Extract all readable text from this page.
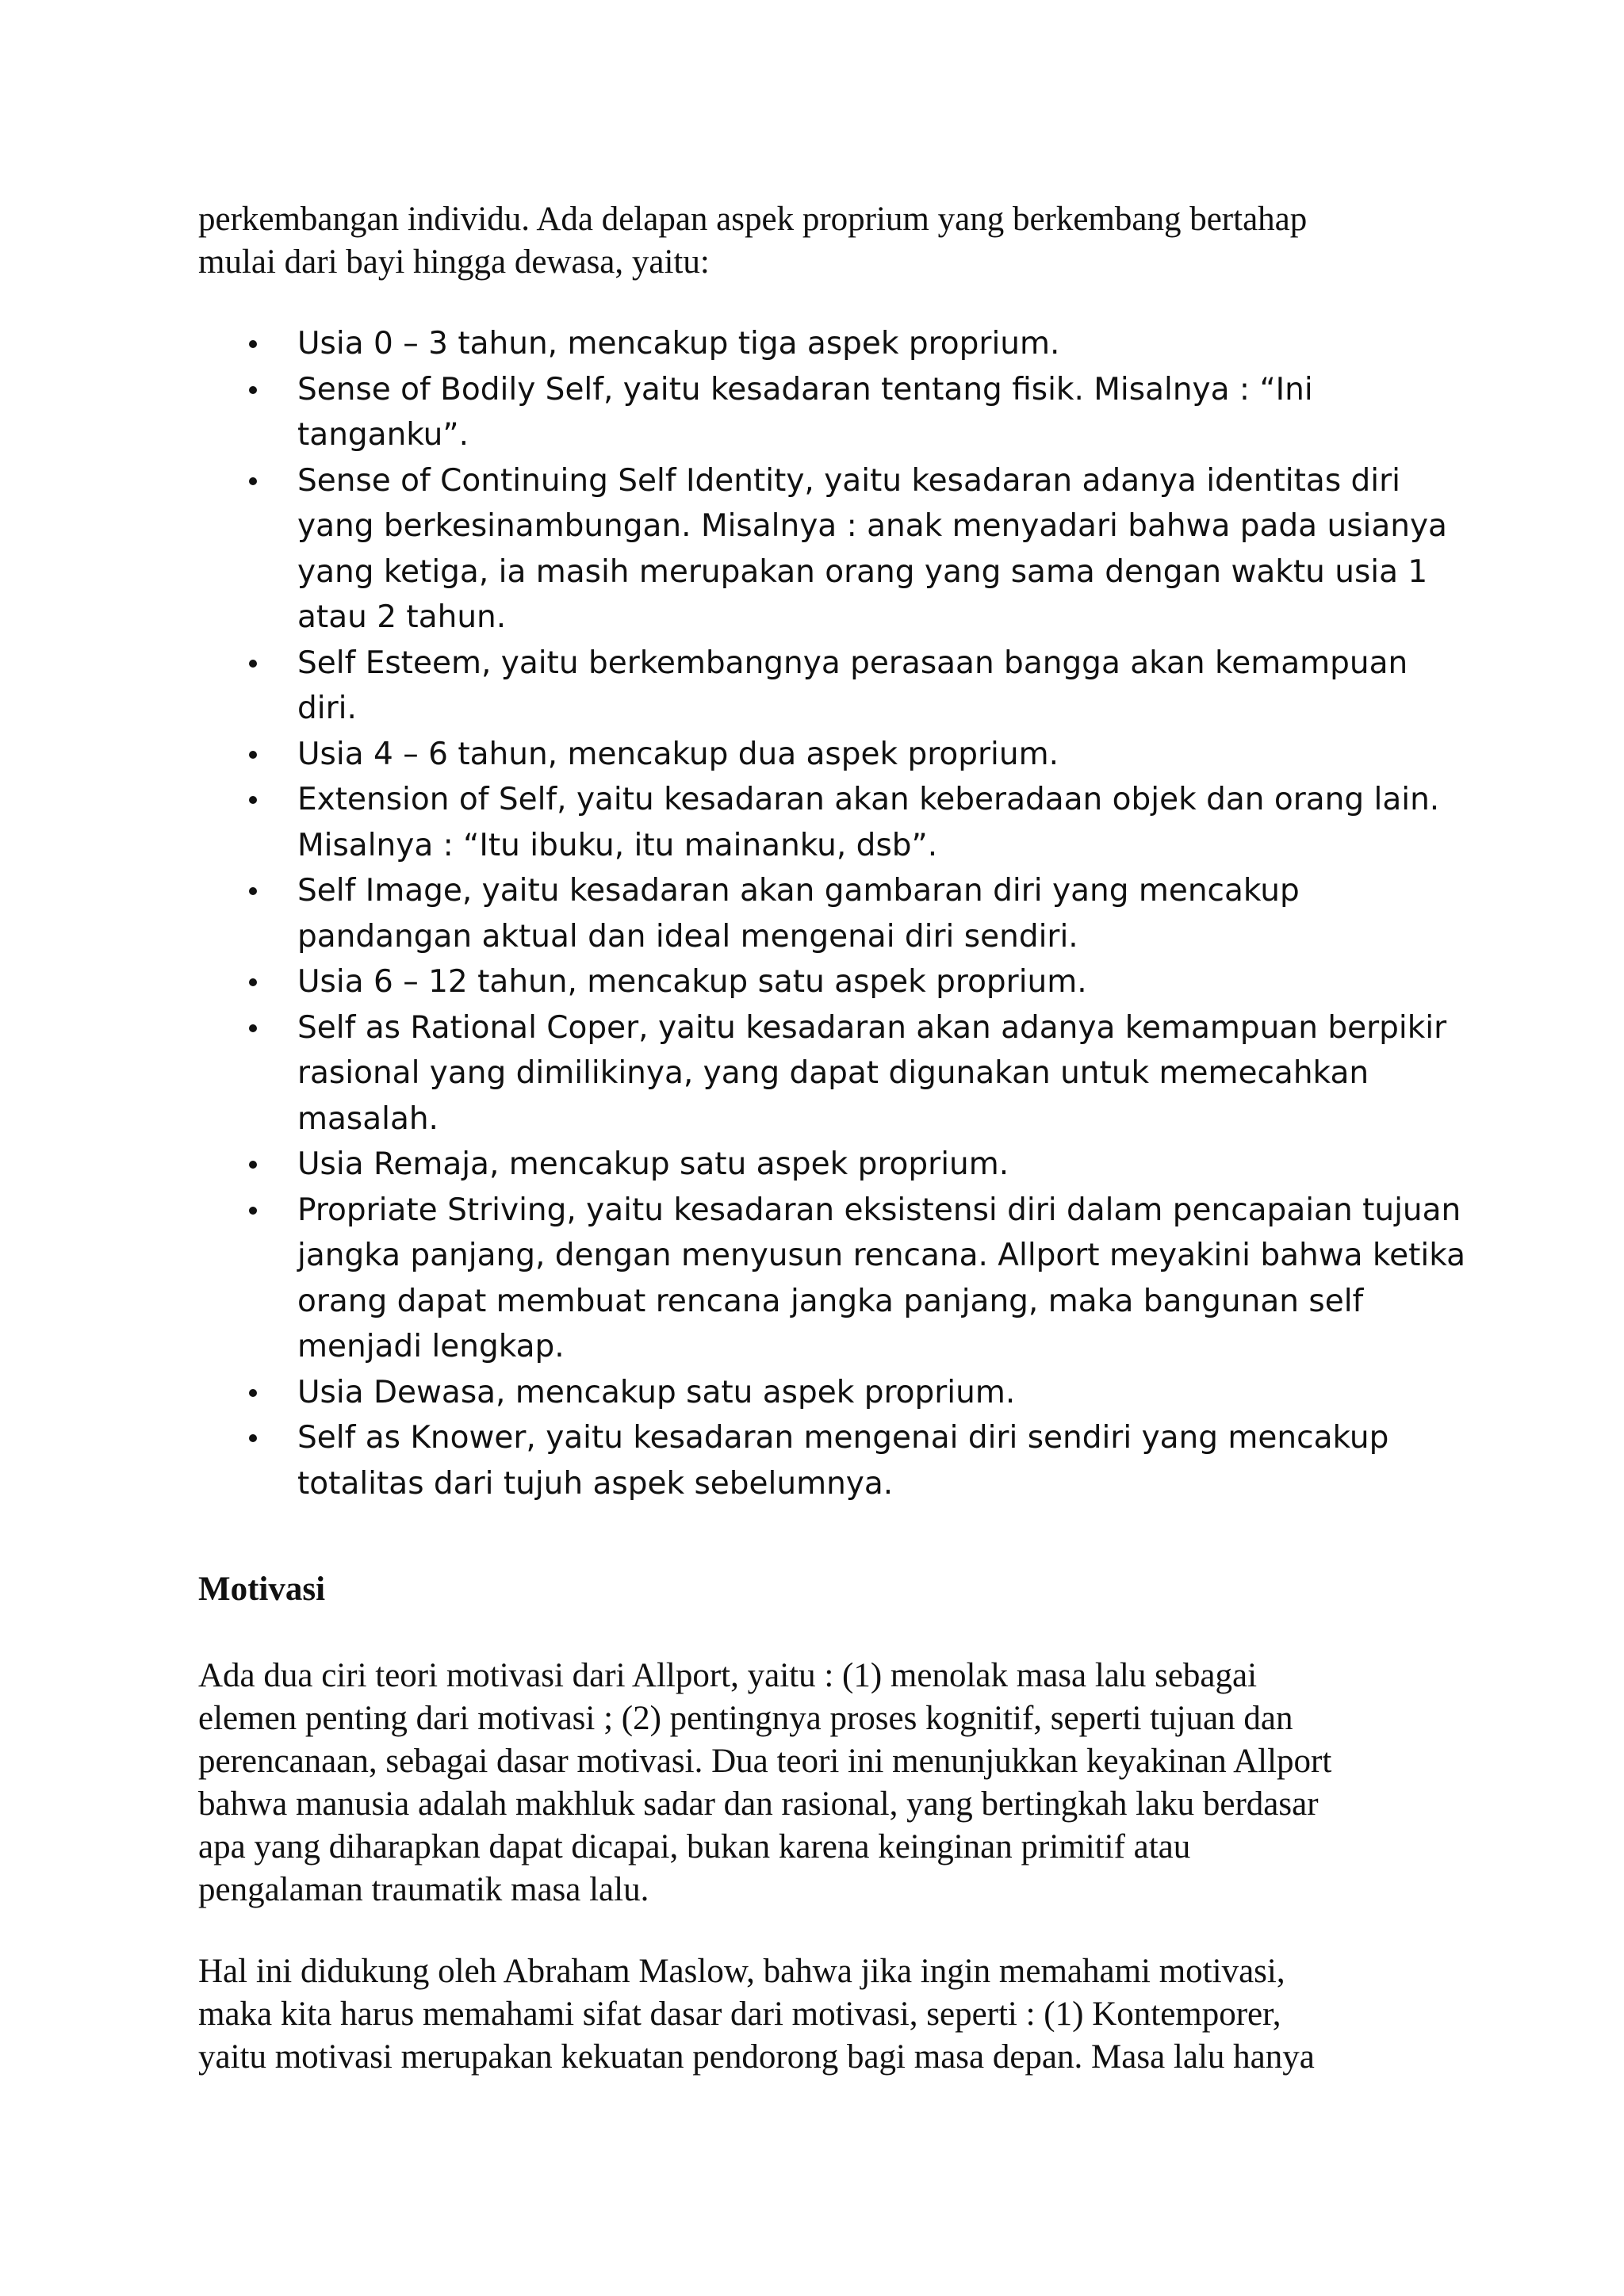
perkembangan individu. Ada delapan aspek proprium yang berkembang bertahap
mulai dari bayi hingga dewasa, yaitu:

Usia 0 – 3 tahun, mencakup tiga aspek proprium.
Sense of Bodily Self, yaitu kesadaran tentang fisik. Misalnya : “Ini tanganku”.
Sense of Continuing Self Identity, yaitu kesadaran adanya identitas diri yang berkesinambungan. Misalnya : anak menyadari bahwa pada usianya yang ketiga, ia masih merupakan orang yang sama dengan waktu usia 1 atau 2 tahun.
Self Esteem, yaitu berkembangnya perasaan bangga akan kemampuan diri.
Usia 4 – 6 tahun, mencakup dua aspek proprium.
Extension of Self, yaitu kesadaran akan keberadaan objek dan orang lain. Misalnya : “Itu ibuku, itu mainanku, dsb”.
Self Image, yaitu kesadaran akan gambaran diri yang mencakup pandangan aktual dan ideal mengenai diri sendiri.
Usia 6 – 12 tahun, mencakup satu aspek proprium.
Self as Rational Coper, yaitu kesadaran akan adanya kemampuan berpikir rasional yang dimilikinya, yang dapat digunakan untuk memecahkan masalah.
Usia Remaja, mencakup satu aspek proprium.
Propriate Striving, yaitu kesadaran eksistensi diri dalam pencapaian tujuan jangka panjang, dengan menyusun rencana. Allport meyakini bahwa ketika orang dapat membuat rencana jangka panjang, maka bangunan self menjadi lengkap.
Usia Dewasa, mencakup satu aspek proprium.
Self as Knower, yaitu kesadaran mengenai diri sendiri yang mencakup totalitas dari tujuh aspek sebelumnya.
Motivasi

Ada dua ciri teori motivasi dari Allport, yaitu : (1) menolak masa lalu sebagai
elemen penting dari motivasi ; (2) pentingnya proses kognitif, seperti tujuan dan
perencanaan, sebagai dasar motivasi. Dua teori ini menunjukkan keyakinan Allport
bahwa manusia adalah makhluk sadar dan rasional, yang bertingkah laku berdasar
apa yang diharapkan dapat dicapai, bukan karena keinginan primitif atau
pengalaman traumatik masa lalu.

Hal ini didukung oleh Abraham Maslow, bahwa jika ingin memahami motivasi,
maka kita harus memahami sifat dasar dari motivasi, seperti : (1) Kontemporer,
yaitu motivasi merupakan kekuatan pendorong bagi masa depan. Masa lalu hanya
